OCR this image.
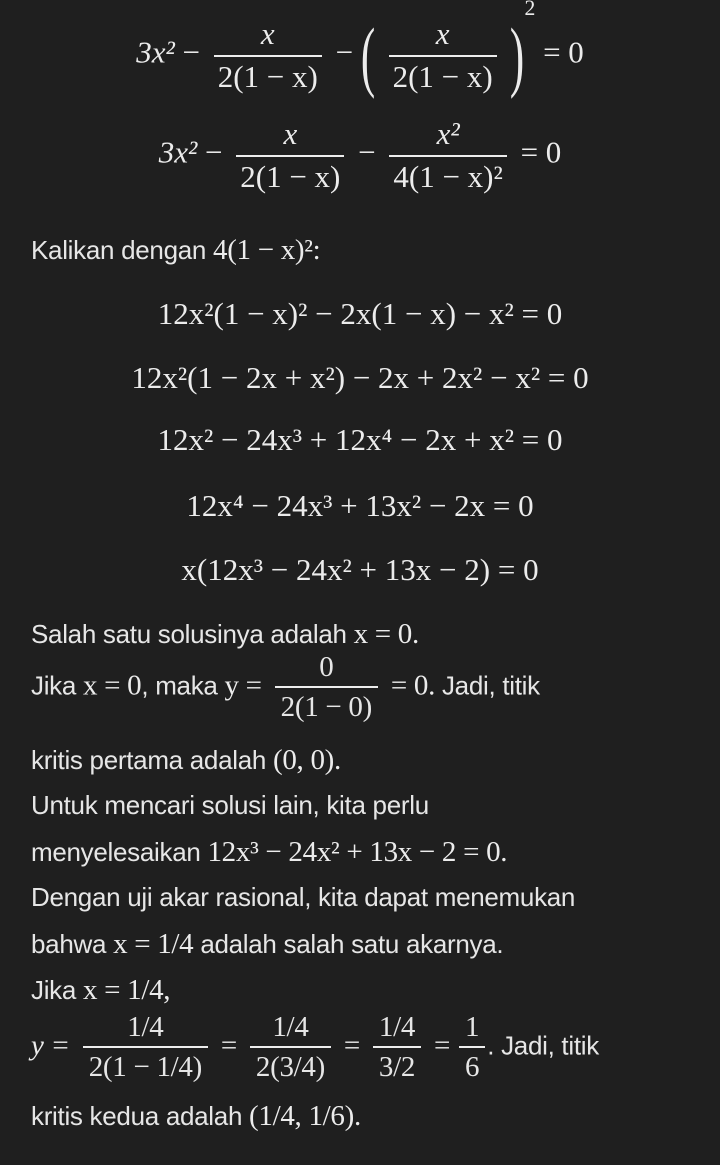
$3x^2 - \frac{x}{2(1 - x)}$ − ( $\frac{x}{2(1 - x)} )^2 = 0$
$3x^2 - \frac{x}{2(1 - x)} - \frac{\text{x²}}{\text{4(1 − x)²}} = 0$
Kalikan dengan 4(1 − x)²:
12x²(1 − x)² − 2x(1 − x) − x² = 0
12x²(1 − 2x + x²) − 2x + 2x² − x² = 0
12x² − 24x³ + 12x⁴ − 2x + x² = 0
12x⁴ − 24x³ + 13x² − 2x = 0
x(12x³ − 24x² + 13x − 2) = 0
Salah satu solusinya adalah x = 0.
Jika x = 0, maka $y = \frac{0}{2(1 - 0)} = 0$. Jadi, titik
kritis pertama adalah (0, 0).
Untuk mencari solusi lain, kita perlu
menyelesaikan 12x³ − 24x² + 13x − 2 = 0.
Dengan uji akar rasional, kita dapat menemukan
bahwa x = 1/4 adalah salah satu akarnya.
Jika x = 1/4,
$y = \frac{1/4}{2(1 - 1/4)} = \frac{1/4}{2(3/4)} = \frac{1/4}{3/2} = \frac{1}{6}$ . Jadi, titik
kritis kedua adalah (1/4, 1/6).
